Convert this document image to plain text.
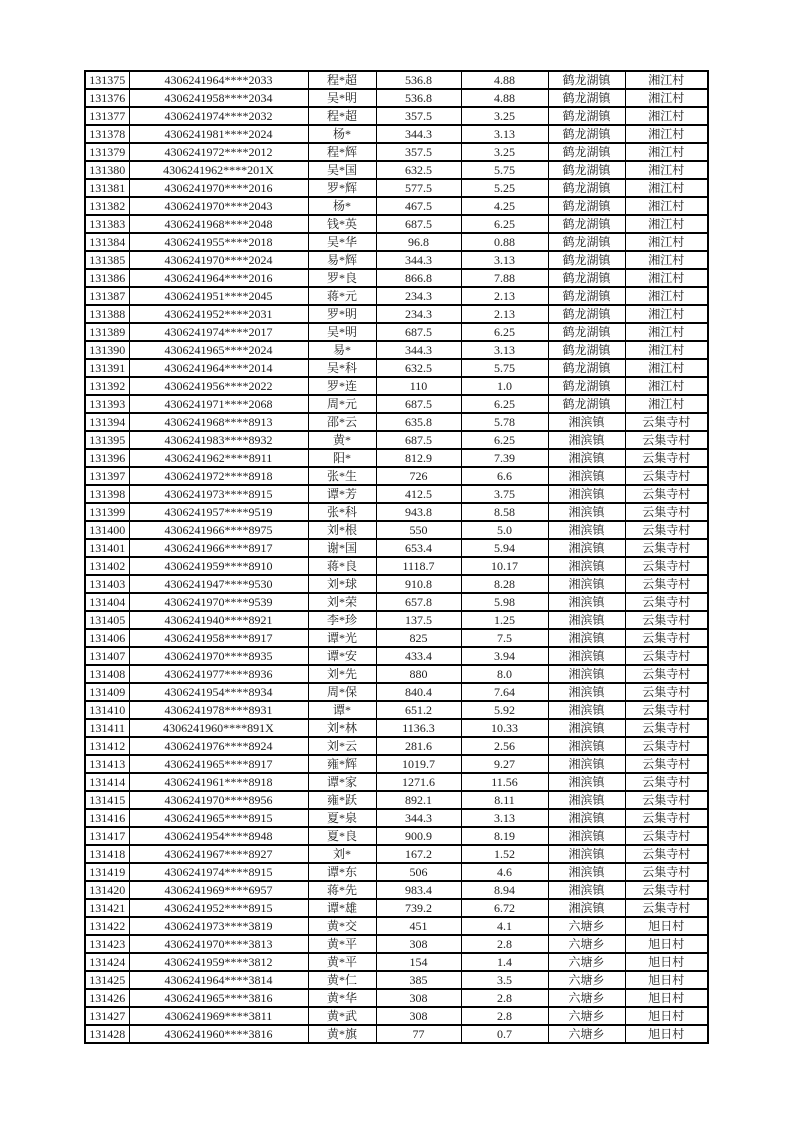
131375	4306241964****2033	程*超	536.8	4.88	鹤龙湖镇	湘江村
131376	4306241958****2034	吴*明	536.8	4.88	鹤龙湖镇	湘江村
131377	4306241974****2032	程*超	357.5	3.25	鹤龙湖镇	湘江村
131378	4306241981****2024	杨*	344.3	3.13	鹤龙湖镇	湘江村
131379	4306241972****2012	程*辉	357.5	3.25	鹤龙湖镇	湘江村
131380	4306241962****201X	吴*国	632.5	5.75	鹤龙湖镇	湘江村
131381	4306241970****2016	罗*辉	577.5	5.25	鹤龙湖镇	湘江村
131382	4306241970****2043	杨*	467.5	4.25	鹤龙湖镇	湘江村
131383	4306241968****2048	钱*英	687.5	6.25	鹤龙湖镇	湘江村
131384	4306241955****2018	吴*华	96.8	0.88	鹤龙湖镇	湘江村
131385	4306241970****2024	易*辉	344.3	3.13	鹤龙湖镇	湘江村
131386	4306241964****2016	罗*良	866.8	7.88	鹤龙湖镇	湘江村
131387	4306241951****2045	蒋*元	234.3	2.13	鹤龙湖镇	湘江村
131388	4306241952****2031	罗*明	234.3	2.13	鹤龙湖镇	湘江村
131389	4306241974****2017	吴*明	687.5	6.25	鹤龙湖镇	湘江村
131390	4306241965****2024	易*	344.3	3.13	鹤龙湖镇	湘江村
131391	4306241964****2014	吴*科	632.5	5.75	鹤龙湖镇	湘江村
131392	4306241956****2022	罗*连	110	1.0	鹤龙湖镇	湘江村
131393	4306241971****2068	周*元	687.5	6.25	鹤龙湖镇	湘江村
131394	4306241968****8913	邵*云	635.8	5.78	湘滨镇	云集寺村
131395	4306241983****8932	黄*	687.5	6.25	湘滨镇	云集寺村
131396	4306241962****8911	阳*	812.9	7.39	湘滨镇	云集寺村
131397	4306241972****8918	张*生	726	6.6	湘滨镇	云集寺村
131398	4306241973****8915	谭*芳	412.5	3.75	湘滨镇	云集寺村
131399	4306241957****9519	张*科	943.8	8.58	湘滨镇	云集寺村
131400	4306241966****8975	刘*根	550	5.0	湘滨镇	云集寺村
131401	4306241966****8917	谢*国	653.4	5.94	湘滨镇	云集寺村
131402	4306241959****8910	蒋*良	1118.7	10.17	湘滨镇	云集寺村
131403	4306241947****9530	刘*球	910.8	8.28	湘滨镇	云集寺村
131404	4306241970****9539	刘*荣	657.8	5.98	湘滨镇	云集寺村
131405	4306241940****8921	李*珍	137.5	1.25	湘滨镇	云集寺村
131406	4306241958****8917	谭*光	825	7.5	湘滨镇	云集寺村
131407	4306241970****8935	谭*安	433.4	3.94	湘滨镇	云集寺村
131408	4306241977****8936	刘*先	880	8.0	湘滨镇	云集寺村
131409	4306241954****8934	周*保	840.4	7.64	湘滨镇	云集寺村
131410	4306241978****8931	谭*	651.2	5.92	湘滨镇	云集寺村
131411	4306241960****891X	刘*林	1136.3	10.33	湘滨镇	云集寺村
131412	4306241976****8924	刘*云	281.6	2.56	湘滨镇	云集寺村
131413	4306241965****8917	雍*辉	1019.7	9.27	湘滨镇	云集寺村
131414	4306241961****8918	谭*家	1271.6	11.56	湘滨镇	云集寺村
131415	4306241970****8956	雍*跃	892.1	8.11	湘滨镇	云集寺村
131416	4306241965****8915	夏*泉	344.3	3.13	湘滨镇	云集寺村
131417	4306241954****8948	夏*良	900.9	8.19	湘滨镇	云集寺村
131418	4306241967****8927	刘*	167.2	1.52	湘滨镇	云集寺村
131419	4306241974****8915	谭*东	506	4.6	湘滨镇	云集寺村
131420	4306241969****6957	蒋*先	983.4	8.94	湘滨镇	云集寺村
131421	4306241952****8915	谭*雄	739.2	6.72	湘滨镇	云集寺村
131422	4306241973****3819	黄*交	451	4.1	六塘乡	旭日村
131423	4306241970****3813	黄*平	308	2.8	六塘乡	旭日村
131424	4306241959****3812	黄*平	154	1.4	六塘乡	旭日村
131425	4306241964****3814	黄*仁	385	3.5	六塘乡	旭日村
131426	4306241965****3816	黄*华	308	2.8	六塘乡	旭日村
131427	4306241969****3811	黄*武	308	2.8	六塘乡	旭日村
131428	4306241960****3816	黄*旗	77	0.7	六塘乡	旭日村
